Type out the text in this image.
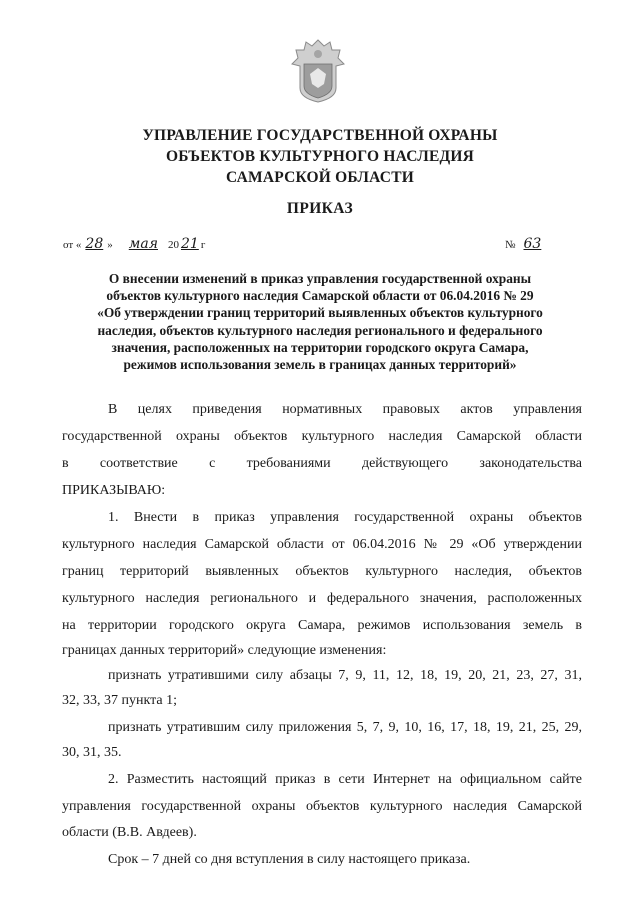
УПРАВЛЕНИЕ ГОСУДАРСТВЕННОЙ ОХРАНЫ
ОБЪЕКТОВ КУЛЬТУРНОГО НАСЛЕДИЯ
САМАРСКОЙ ОБЛАСТИ
ПРИКАЗ
от « 28 » мая 20 21 г	№ 63
О внесении изменений в приказ управления государственной охраны
объектов культурного наследия Самарской области от 06.04.2016 № 29
«Об утверждении границ территорий выявленных объектов культурного
наследия, объектов культурного наследия регионального и федерального
значения, расположенных на территории городского округа Самара,
режимов использования земель в границах данных территорий»
В целях приведения нормативных правовых актов управления
государственной охраны объектов культурного наследия Самарской области
в соответствие с требованиями действующего законодательства
ПРИКАЗЫВАЮ:
1. Внести в приказ управления государственной охраны объектов
культурного наследия Самарской области от 06.04.2016 № 29 «Об утверждении
границ территорий выявленных объектов культурного наследия, объектов
культурного наследия регионального и федерального значения, расположенных
на территории городского округа Самара, режимов использования земель в
границах данных территорий» следующие изменения:
признать утратившими силу абзацы 7, 9, 11, 12, 18, 19, 20, 21, 23, 27, 31,
32, 33, 37 пункта 1;
признать утратившим силу приложения 5, 7, 9, 10, 16, 17, 18, 19, 21, 25, 29,
30, 31, 35.
2. Разместить настоящий приказ в сети Интернет на официальном сайте
управления государственной охраны объектов культурного наследия Самарской
области (В.В. Авдеев).
Срок – 7 дней со дня вступления в силу настоящего приказа.
